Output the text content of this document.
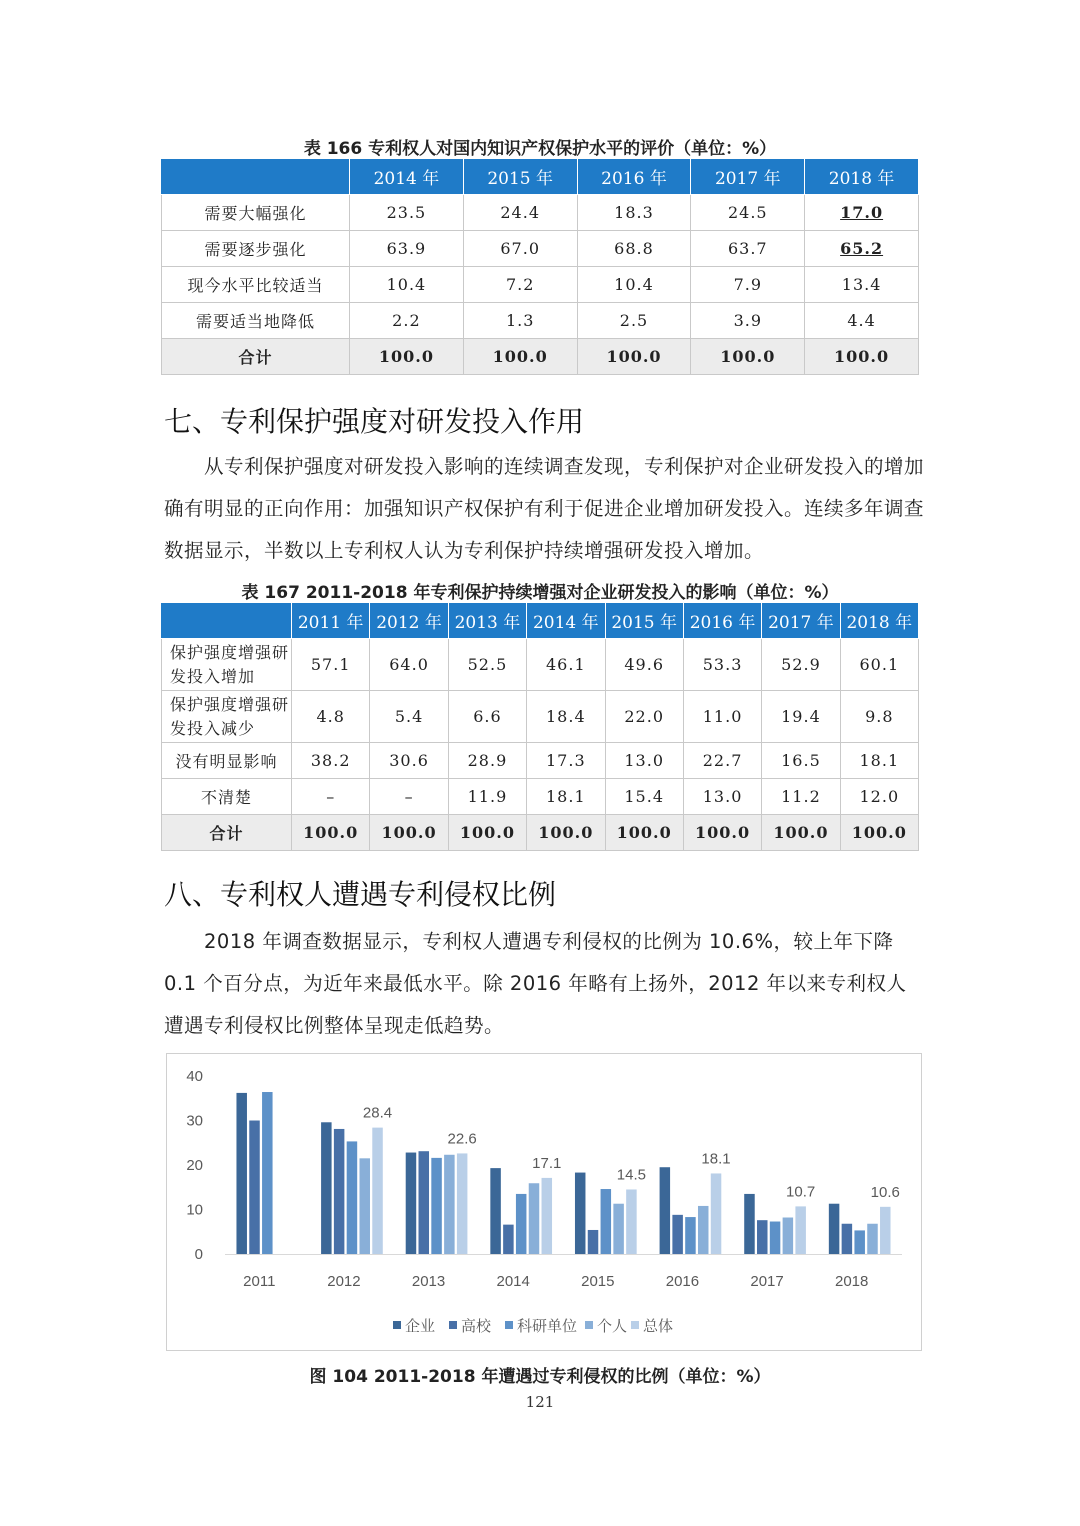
表 166 专利权人对国内知识产权保护水平的评价（单位：%）
	2014 年	2015 年	2016 年	2017 年	2018 年
需要大幅强化	23.5	24.4	18.3	24.5	17.0
需要逐步强化	63.9	67.0	68.8	63.7	65.2
现今水平比较适当	10.4	7.2	10.4	7.9	13.4
需要适当地降低	2.2	1.3	2.5	3.9	4.4
合计	100.0	100.0	100.0	100.0	100.0
七、专利保护强度对研发投入作用

从专利保护强度对研发投入影响的连续调查发现，专利保护对企业研发投入的增加确有明显的正向作用：加强知识产权保护有利于促进企业增加研发投入。连续多年调查数据显示，半数以上专利权人认为专利保护持续增强研发投入增加。

表 167 2011-2018 年专利保护持续增强对企业研发投入的影响（单位：%）
	2011 年	2012 年	2013 年	2014 年	2015 年	2016 年	2017 年	2018 年
保护强度增强研发投入增加	57.1	64.0	52.5	46.1	49.6	53.3	52.9	60.1
保护强度增强研发投入减少	4.8	5.4	6.6	18.4	22.0	11.0	19.4	9.8
没有明显影响	38.2	30.6	28.9	17.3	13.0	22.7	16.5	18.1
不清楚	–	–	11.9	18.1	15.4	13.0	11.2	12.0
合计	100.0	100.0	100.0	100.0	100.0	100.0	100.0	100.0
八、专利权人遭遇专利侵权比例

2018 年调查数据显示，专利权人遭遇专利侵权的比例为 10.6%，较上年下降 0.1 个百分点，为近年来最低水平。除 2016 年略有上扬外，2012 年以来专利权人遭遇专利侵权比例整体呈现走低趋势。

0
10
20
30
40
2011
28.4
2012
22.6
2013
17.1
2014
14.5
2015
18.1
2016
10.7
2017
10.6
2018
企业 高校 科研单位 个人 总体
图 104 2011-2018 年遭遇过专利侵权的比例（单位：%）
121
